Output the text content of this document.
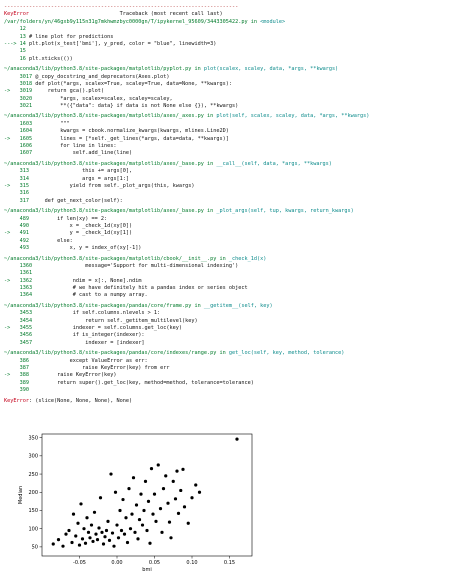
---------------------------------------------------------------------------
KeyError	Traceback (most recent call last)
/var/folders/yn/46gxb9y115n31g7mkhwmzbyc0000gn/T/ipykernel_95609/3443305422.py in <module>
12
13 # line plot for predictions
---> 14 plt.plot(x_test['bmi'], y_pred, color = "blue", linewidth=3)
15
16 plt.xticks(())
~/anaconda3/lib/python3.8/site-packages/matplotlib/pyplot.py in plot(scalex, scaley, data, *args, **kwargs)
3017 @_copy_docstring_and_deprecators(Axes.plot)
3018 def plot(*args, scalex=True, scaley=True, data=None, **kwargs):
->   3019     return gca().plot(
3020         *args, scalex=scalex, scaley=scaley,
3021         **({"data": data} if data is not None else {}), **kwargs)
~/anaconda3/lib/python3.8/site-packages/matplotlib/axes/_axes.py in plot(self, scalex, scaley, data, *args, **kwargs)
1603         """
1604         kwargs = cbook.normalize_kwargs(kwargs, mlines.Line2D)
->   1605         lines = [*self._get_lines(*args, data=data, **kwargs)]
1606         for line in lines:
1607             self.add_line(line)
~/anaconda3/lib/python3.8/site-packages/matplotlib/axes/_base.py in __call__(self, data, *args, **kwargs)
313                 this += args[0],
314                 args = args[1:]
->   315             yield from self._plot_args(this, kwargs)
316
317     def get_next_color(self):
~/anaconda3/lib/python3.8/site-packages/matplotlib/axes/_base.py in _plot_args(self, tup, kwargs, return_kwargs)
489         if len(xy) == 2:
490             x = _check_1d(xy[0])
->   491             y = _check_1d(xy[1])
492         else:
493             x, y = index_of(xy[-1])
~/anaconda3/lib/python3.8/site-packages/matplotlib/cbook/__init__.py in _check_1d(x)
1360                 message='Support for multi-dimensional indexing')
1361
->   1362             ndim = x[:, None].ndim
1363             # we have definitely hit a pandas index or series object
1364             # cast to a numpy array.
~/anaconda3/lib/python3.8/site-packages/pandas/core/frame.py in __getitem__(self, key)
3453             if self.columns.nlevels > 1:
3454                 return self._getitem_multilevel(key)
->   3455             indexer = self.columns.get_loc(key)
3456             if is_integer(indexer):
3457                 indexer = [indexer]
~/anaconda3/lib/python3.8/site-packages/pandas/core/indexes/range.py in get_loc(self, key, method, tolerance)
386             except ValueError as err:
387                 raise KeyError(key) from err
->   388         raise KeyError(key)
389         return super().get_loc(key, method=method, tolerance=tolerance)
390
KeyError: (slice(None, None, None), None)
-0.05	0.00	0.05	0.10	0.15
50
100
150
200
250
300
350
bmi
Median
